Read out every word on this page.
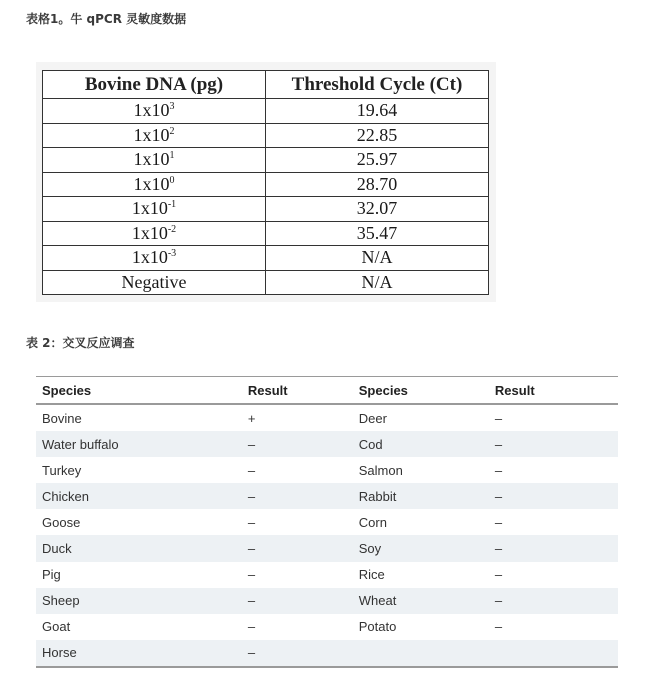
表格1。牛 qPCR 灵敏度数据

Bovine DNA (pg)	Threshold Cycle (Ct)
$1x10^3$	19.64
$1x10^2$	22.85
$1x10^1$	25.97
$1x10^0$	28.70
$1x10^{-1}$	32.07
$1x10^{-2}$	35.47
$1x10^{-3}$	N/A
Negative	N/A

表 2：交叉反应调查

Species	Result	Species	Result
Bovine	+	Deer	–
Water buffalo	–	Cod	–
Turkey	–	Salmon	–
Chicken	–	Rabbit	–
Goose	–	Corn	–
Duck	–	Soy	–
Pig	–	Rice	–
Sheep	–	Wheat	–
Goat	–	Potato	–
Horse	–		
